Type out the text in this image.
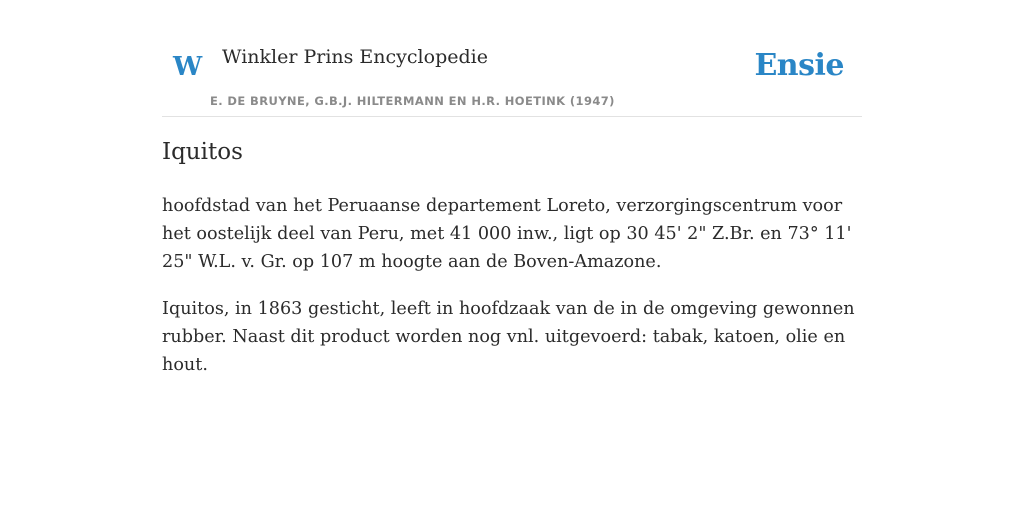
W Winkler Prins Encyclopedie
E. DE BRUYNE, G.B.J. HILTERMANN EN H.R. HOETINK (1947)
Ensie
Iquitos

hoofdstad van het Peruaanse departement Loreto, verzorgingscentrum voor het oostelijk deel van Peru, met 41 000 inw., ligt op 30 45' 2" Z.Br. en 73° 11' 25" W.L. v. Gr. op 107 m hoogte aan de Boven-Amazone.

Iquitos, in 1863 gesticht, leeft in hoofdzaak van de in de omgeving gewonnen rubber. Naast dit product worden nog vnl. uitgevoerd: tabak, katoen, olie en hout.
